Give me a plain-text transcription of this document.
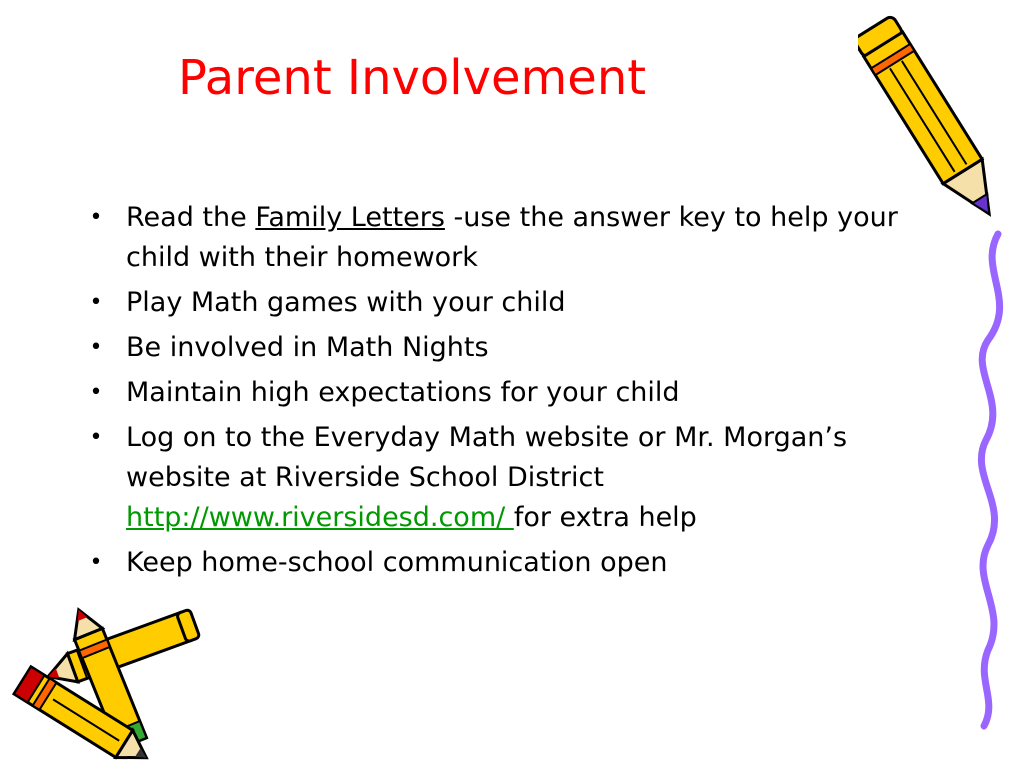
Parent Involvement
• Read the Family Letters -use the answer key to help your child with their homework
• Play Math games with your child
• Be involved in Math Nights
• Maintain high expectations for your child
• Log on to the Everyday Math website or Mr. Morgan’s website at Riverside School District http://www.riversidesd.com/ for extra help
• Keep home-school communication open
